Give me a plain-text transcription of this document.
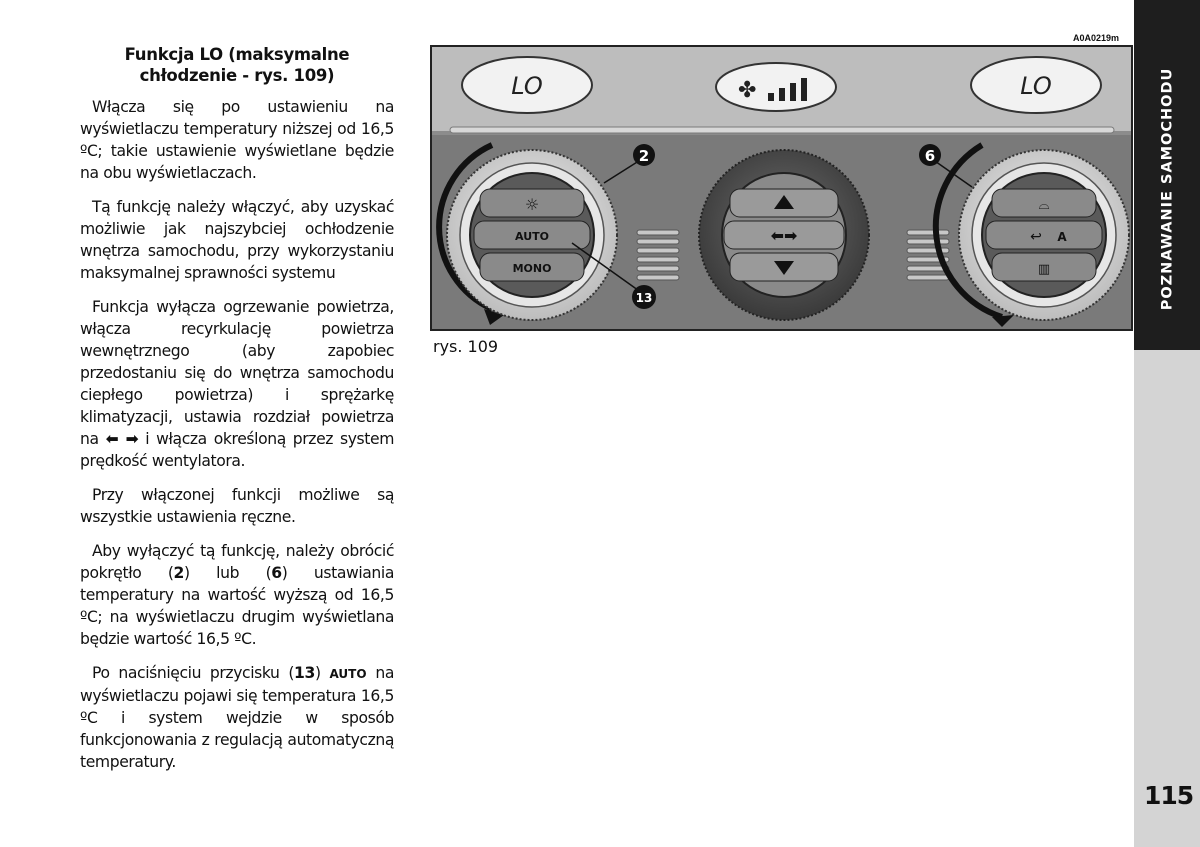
Funkcja LO (maksymalne
chłodzenie - rys. 109)

Włącza się po ustawieniu na wyświetlaczu temperatury niższej od 16,5 ºC; takie ustawienie wyświetlane będzie na obu wyświetlaczach.

Tą funkcję należy włączyć, aby uzyskać możliwie jak najszybciej ochłodzenie wnętrza samochodu, przy wykorzystaniu maksymalnej sprawności systemu

Funkcja wyłącza ogrzewanie powietrza, włącza recyrkulację powietrza wewnętrznego (aby zapobiec przedostaniu się do wnętrza samochodu ciepłego powietrza) i sprężarkę klimatyzacji, ustawia rozdział powietrza na ⬅ ➡ i włącza określoną przez system prędkość wentylatora.

Przy włączonej funkcji możliwe są wszystkie ustawienia ręczne.

Aby wyłączyć tą funkcję, należy obrócić pokrętło (2) lub (6) ustawiania temperatury na wartość wyższą od 16,5 ºC; na wyświetlaczu drugim wyświetlana będzie wartość 16,5 ºC.

Po naciśnięciu przycisku (13) AUTO na wyświetlaczu pojawi się temperatura 16,5 ºC i system wejdzie w sposób funkcjonowania z regulacją automatyczną temperatury.

A0A0219m
LO	✤	LO
☼
AUTO
MONO
2
13
⬅➡
⌓
↩ A
▥
6
rys. 109
POZNAWANIE SAMOCHODU
115
